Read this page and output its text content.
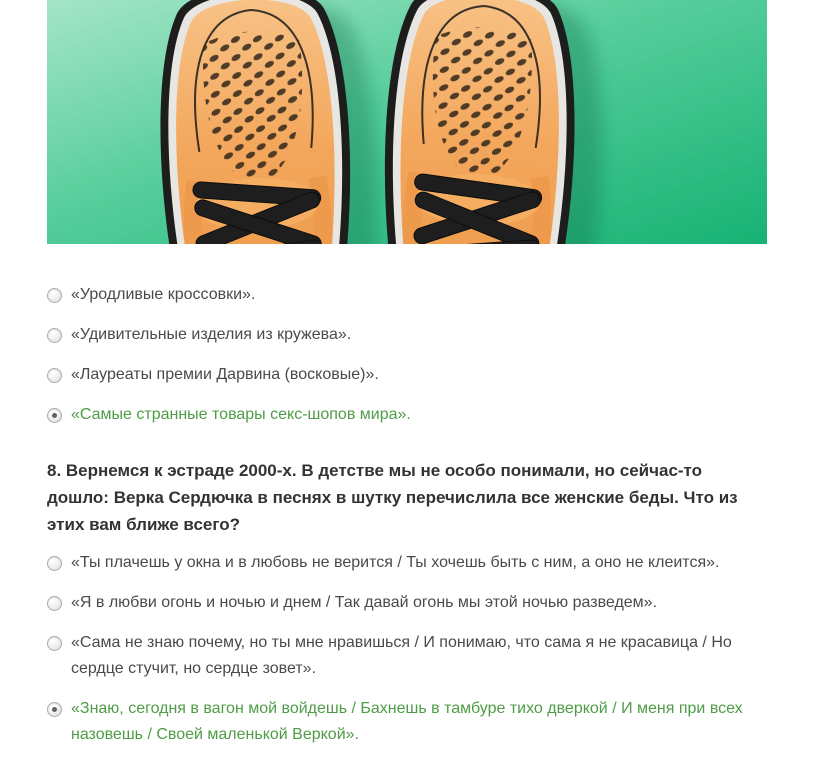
«Уродливые кроссовки».
«Удивительные изделия из кружева».
«Лауреаты премии Дарвина (восковые)».
«Самые странные товары секс-шопов мира».

8. Вернемся к эстраде 2000-х. В детстве мы не особо понимали, но сейчас-то дошло: Верка Сердючка в песнях в шутку перечислила все женские беды. Что из этих вам ближе всего?

«Ты плачешь у окна и в любовь не верится / Ты хочешь быть с ним, а оно не клеится».
«Я в любви огонь и ночью и днем / Так давай огонь мы этой ночью разведем».
«Сама не знаю почему, но ты мне нравишься / И понимаю, что сама я не красавица / Но сердце стучит, но сердце зовет».
«Знаю, сегодня в вагон мой войдешь / Бахнешь в тамбуре тихо дверкой / И меня при всех назовешь / Своей маленькой Веркой».
